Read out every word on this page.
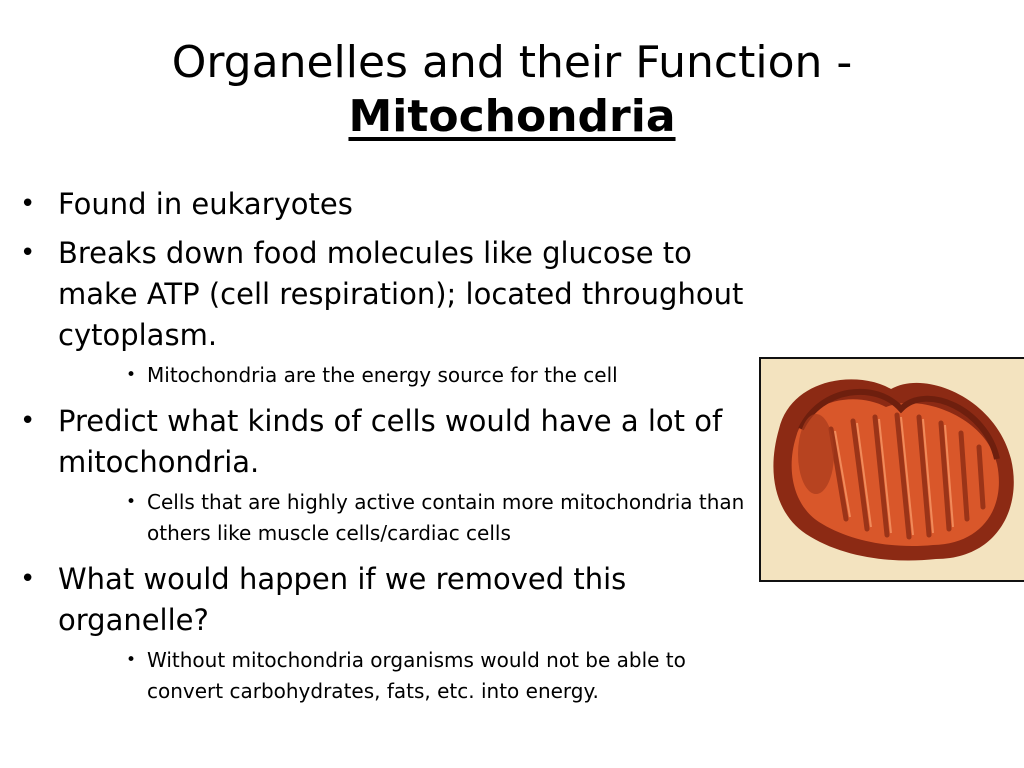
Organelles and their Function -
Mitochondria
• Found in eukaryotes
• Breaks down food molecules like glucose to make ATP (cell respiration); located throughout cytoplasm.
• Mitochondria are the energy source for the cell
• Predict what kinds of cells would have a lot of mitochondria.
• Cells that are highly active contain more mitochondria than others like muscle cells/cardiac cells
• What would happen if we removed this organelle?
• Without mitochondria organisms would not be able to convert carbohydrates, fats, etc. into energy.
